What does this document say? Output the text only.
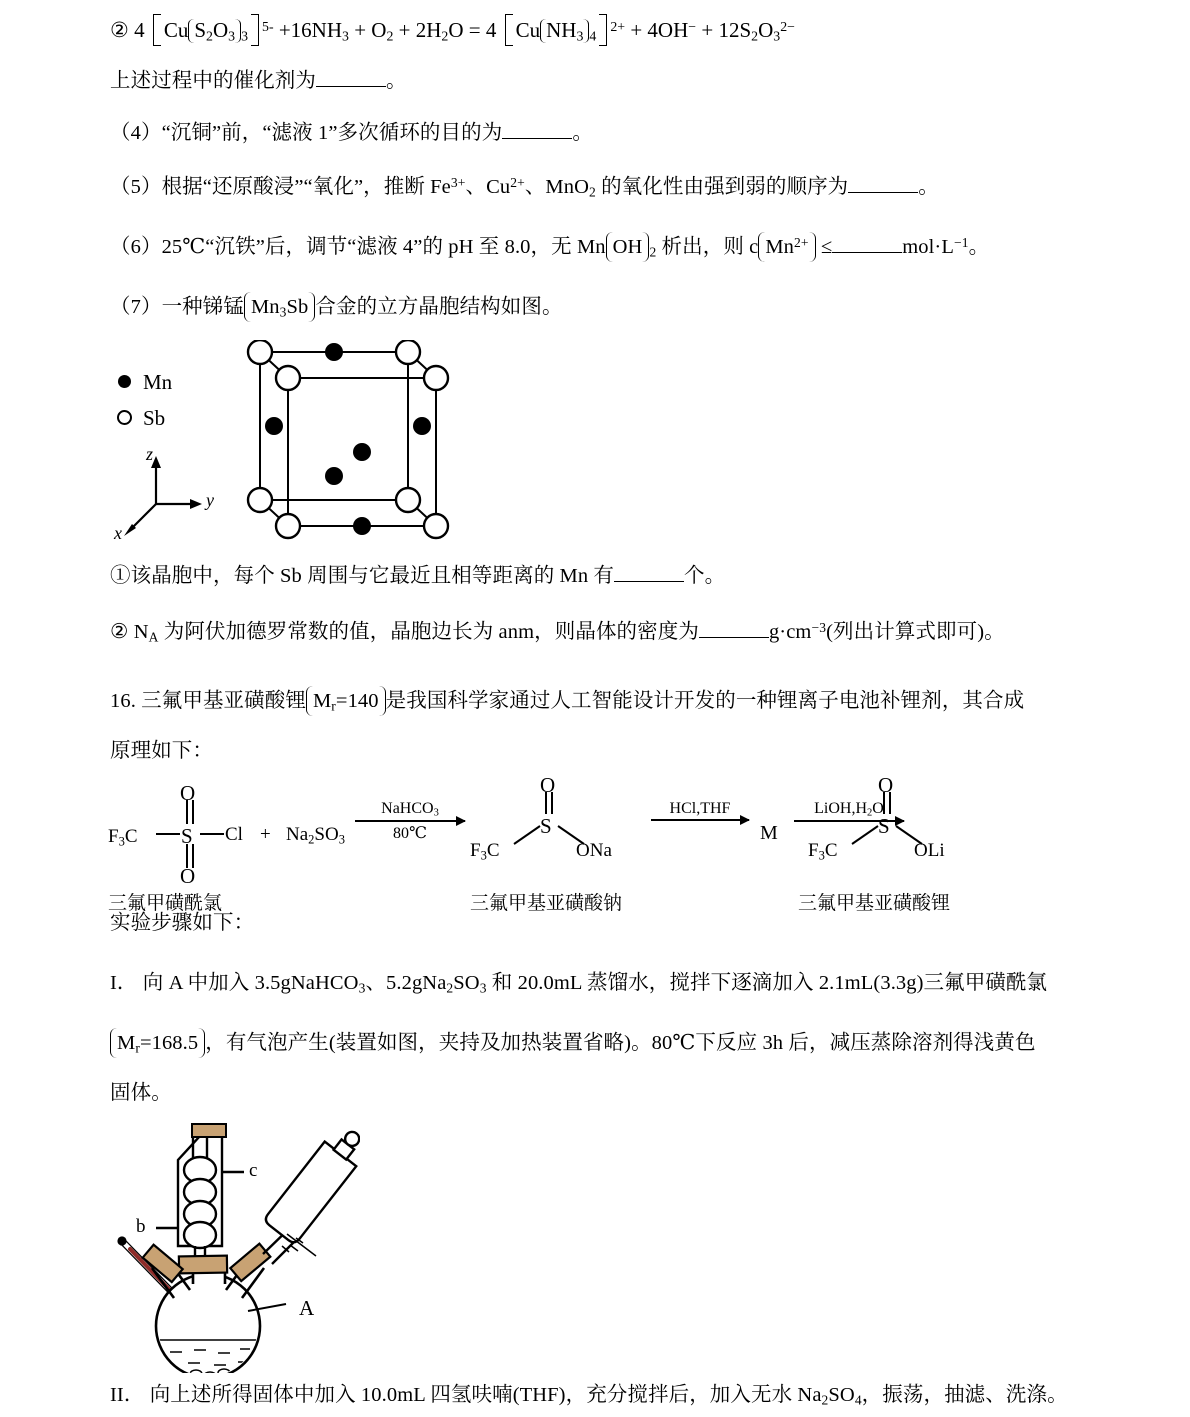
② 4 Cu $S_2O_3$ $_3^{5-} +16NH_3 + O_2 + 2H_2O = 4$ Cu $NH_3$ $_4^{2+} + 4OH^- + 12S_2O_3^{2-}$
上述过程中的催化剂为	。
（4）“沉铜”前，“滤液 1”多次循环的目的为	。
（5）根据“还原酸浸”“氧化”，推断 $Fe^{3+}$、$Cu^{2+}$、MnO$_2$ 的氧化性由强到弱的顺序为	。
（6）25℃“沉铁”后，调节“滤液 4”的 pH 至 8.0，无 Mn OH $_2$ 析出，则 c $Mn^{2+}$ ≤	$mol\cdot L^{-1}$。
（7）一种锑锰 $Mn_3Sb$ 合金的立方晶胞结构如图。
Mn
Sb
z
y
x
①该晶胞中，每个 Sb 周围与它最近且相等距离的 Mn 有	个。
② $N_A$ 为阿伏加德罗常数的值，晶胞边长为 anm，则晶体的密度为	$g\cdot cm^{-3}$(列出计算式即可)。
16. 三氟甲基亚磺酸锂 $M_r=140$ 是我国科学家通过人工智能设计开发的一种锂离子电池补锂剂，其合成
原理如下：
$F_3C$ S
O
O
Cl
三氟甲磺酰氯
+ $Na_2SO_3$
NaHCO$_3$
80℃
$F_3C$
S
O
ONa
三氟甲基亚磺酸钠
HCl,THF
M
$LiOH,H_2O$
$F_3C$
S
O
OLi
三氟甲基亚磺酸锂
实验步骤如下：
I． 向 A 中加入 3.5gNaHCO$_3$、$5.2gNa_2SO_3$ 和 20.0mL 蒸馏水，搅拌下逐滴加入 2.1mL(3.3g)三氟甲磺酰氯
$M_r=168.5$ ，有气泡产生(装置如图，夹持及加热装置省略)。80℃下反应 3h 后，减压蒸除溶剂得浅黄色
固体。
A
c
b
II． 向上述所得固体中加入 10.0mL 四氢呋喃(THF)，充分搅拌后，加入无水 $Na_2SO_4$，振荡，抽滤、洗涤。
